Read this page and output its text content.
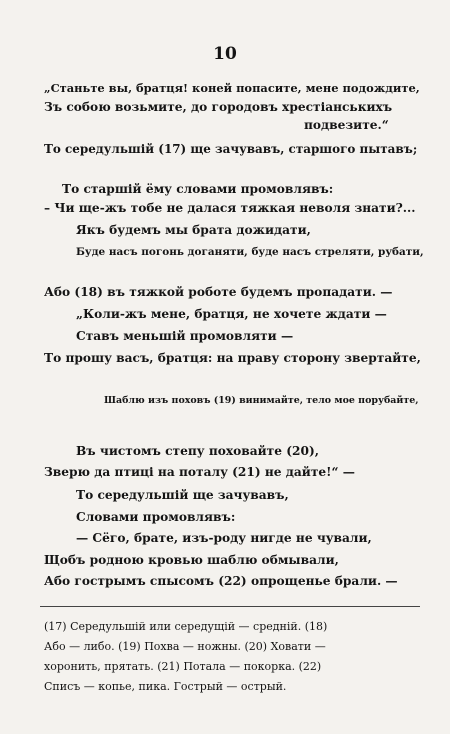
10
„Станьте вы, братця! коней попасите, мене подождите,
Зъ собою возьмите, до городовъ хрестіанськихъ
подвезите.“
То середульшій (17) ще зачувавъ, старшого пытавъ;
То старшій ёму словами промовлявъ:
– Чи ще-жъ тобе не далася тяжкая неволя знати?...
Якъ будемъ мы брата дожидати,
Буде насъ погонь доганяти, буде насъ стреляти, рубати,
Або (18) въ тяжкой роботе будемъ пропадати. —
„Коли-жъ мене, братця, не хочете ждати —
Ставъ меньшій промовляти —
То прошу васъ, братця: на праву сторону звертайте,
Шаблю изъ поховъ (19) винимайте, тело мое порубайте,
Въ чистомъ степу поховайте (20),
Зверю да птиці на поталу (21) не дайте!“ —
То середульшій ще зачувавъ,
Словами промовлявъ:
— Сёго, брате, изъ-роду нигде не чували,
Щобъ родною кровью шаблю обмывали,
Або гострымъ спысомъ (22) опрощенье брали. —
(17) Середульшій или середущій — средній. (18)
Або — либо. (19) Похва — ножны. (20) Ховати —
хоронить, прятать. (21) Потала — покорка. (22)
Списъ — копье, пика. Гострый — острый.
